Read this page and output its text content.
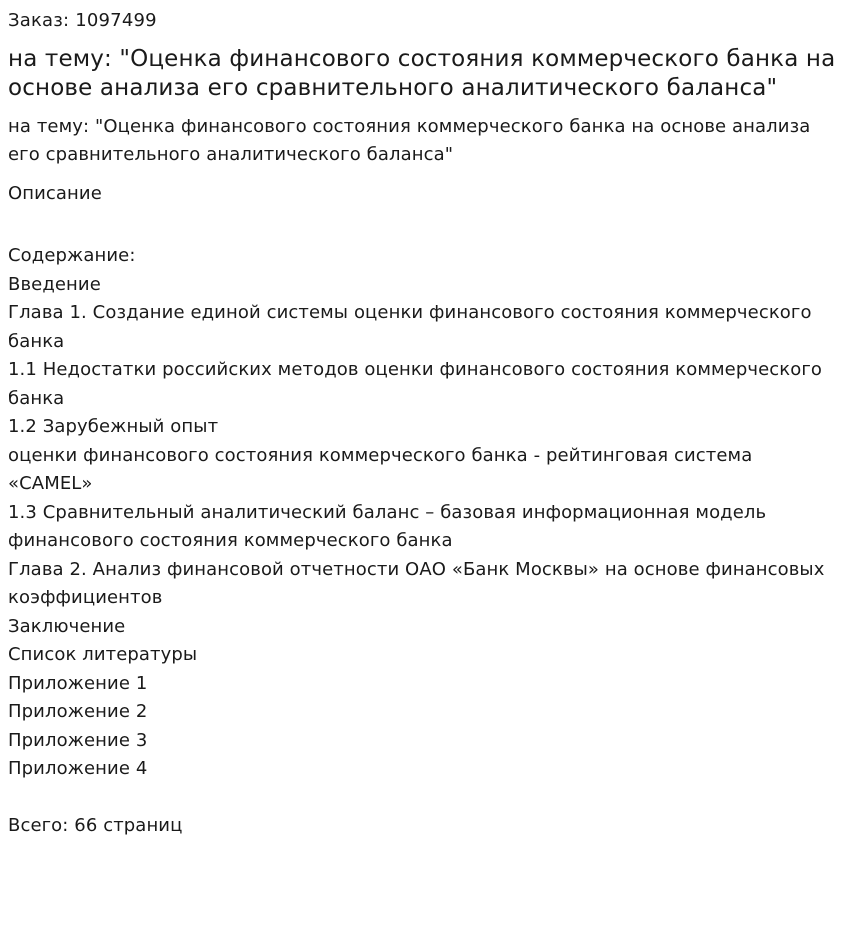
Заказ: 1097499
на тему: "Оценка финансового состояния коммерческого банка на основе анализа его сравнительного аналитического баланса"
на тему: "Оценка финансового состояния коммерческого банка на основе анализа его сравнительного аналитического баланса"
Описание
Содержание:
Введение
Глава 1. Создание единой системы оценки финансового состояния коммерческого банка
1.1 Недостатки российских методов оценки финансового состояния коммерческого банка
1.2 Зарубежный опыт
оценки финансового состояния коммерческого банка - рейтинговая система «CAMEL»
1.3 Сравнительный аналитический баланс – базовая информационная модель финансового состояния коммерческого банка
Глава 2. Анализ финансовой отчетности ОАО «Банк Москвы» на основе финансовых коэффициентов
Заключение
Список литературы
Приложение 1
Приложение 2
Приложение 3
Приложение 4
Всего: 66 страниц
